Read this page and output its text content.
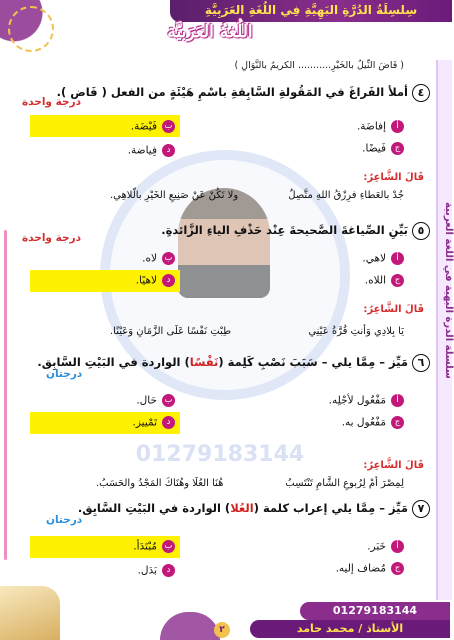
سلسلة الدرة البهية في اللغة العربية
01279183144
سِلسِلَةُ الدُرَّةِ البَهِيَّةِ فِي اللُغَةِ العَرَبِيَّةِ
اللُغةُ العَرَبيَّة
( فَاضَ النِّيلُ بالخَيْرِ........... الكريمُ بالنَّوَالِ )
٤أملأ الفَراغَ في المَقُولةِ السَّابِقةِ باسْمِ هَيْئَةٍ من الفعل ( فَاض ).
درجة واحدة
أإفاضَة.
جفَيضًا.
بفَيْضَة.
دفِياضة.
قَالَ الشَّاعِرُ:
جُدْ بالعَطاءِ فرِزْقُ اللهِ متَّصِلٌ
ولا تَكُنْ عَنْ صَنِيعِ الخَيْرِ بالّلاهِي.
٥بَيِّنِ الصِّياغةَ الصَّحيحةَ عِنْد حَذْفِ الياءِ الزَّائدةِ.
درجة واحدة
ألاهي.
جاللاه.
بلاه.
دلاهيًا.
قَالَ الشَّاعِرُ:
يَا بِلادِي وَأنتِ قُرَّةُ عَيْنِي
طِبْتِ نَفْسًا عَلَى الزَّمَانِ وَعَيْنًا.
٦مَيِّز – مِمَّا يلي – سَبَبَ نَصْبِ كَلِمة (نَفْسًا) الواردة في البَيْتِ السَّابِق.
درجتان
أمَفْعُول لأجْلِه.
جمَفْعُول به.
بحَال.
دتَمْييز.
قَالَ الشَّاعِرُ:
لِمِصْرَ أمْ لِرُبوعِ الشَّامِ تَنْتَسِبُ
هُنَا العُلَا وهُنَاكَ المَجْدُ والحَسَبُ.
٧مَيِّز – مِمَّا يلي إعراب كلمة (العُلا) الواردة في البَيْتِ السَّابِق.
درجتان
أخَبَر.
جمُضاف إليه.
بمُبْتَدَأ.
دبَدَل.
01279183144
الأستاذ / محمد حامد
٢
